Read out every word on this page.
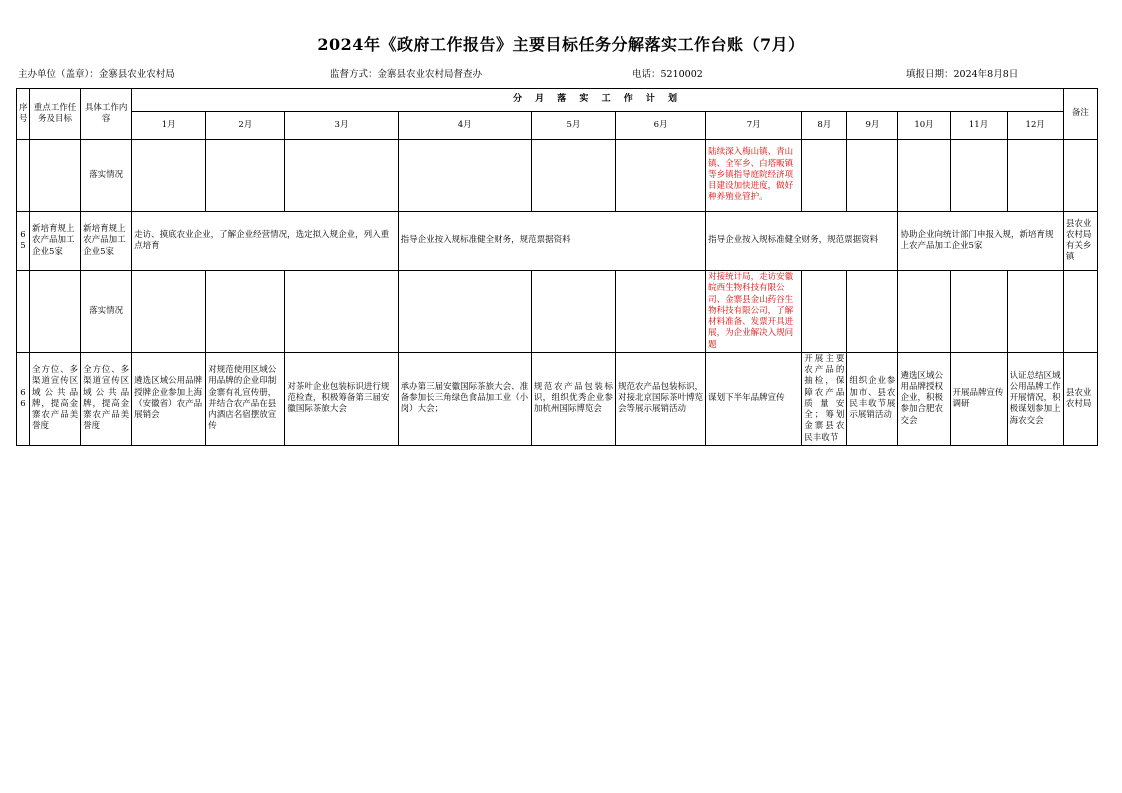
2024年《政府工作报告》主要目标任务分解落实工作台账（7月）
主办单位（盖章）：金寨县农业农村局	监督方式：金寨县农业农村局督查办	电话：5210002	填报日期：2024年8月8日
序号	重点工作任务及目标	具体工作内容	分 月 落 实 工 作 计 划												备注
			1月	2月	3月	4月	5月	6月	7月	8月	9月	10月	11月	12月	
		落实情况							陆续深入梅山镇、青山镇、全军乡、白塔畈镇等乡镇指导庭院经济项目建设加快进度，做好种养殖业管护。						
65	新培育规上农产品加工企业5家	新培育规上农产品加工企业5家	走访、摸底农业企业，了解企业经营情况，选定拟入规企业，列入重点培育			指导企业按入规标准健全财务，规范票据资料			指导企业按入规标准健全财务，规范票据资料			协助企业向统计部门申报入规，新培育规上农产品加工企业5家			县农业农村局有关乡镇
		落实情况							对接统计局，走访安徽皖西生物科技有限公司、金寨县金山药谷生物科技有限公司，了解材料准备、发票开具进展，为企业解决入规问题						
66	全方位、多渠道宣传区域公共品牌，提高金寨农产品美誉度	全方位、多渠道宣传区域公共品牌，提高金寨农产品美誉度	遴选区域公用品牌授牌企业参加上海（安徽省）农产品展销会	对规范使用区域公用品牌的企业印制金寨有礼宣传册，并结合农产品在县内酒店名宿摆放宣传	对茶叶企业包装标识进行规范检查，积极筹备第三届安徽国际茶旅大会	承办第三届安徽国际茶旅大会、准备参加长三角绿色食品加工业（小岗）大会；	规范农产品包装标识，组织优秀企业参加杭州国际博览会	规范农产品包装标识，对接北京国际茶叶博览会等展示展销活动	谋划下半年品牌宣传	开展主要农产品的抽检，保障农产品质量安全；筹划金寨县农民丰收节	组织企业参加市、县农民丰收节展示展销活动	遴选区域公用品牌授权企业，积极参加合肥农交会	开展品牌宣传调研	认证总结区域公用品牌工作开展情况，积极谋划参加上海农交会	县农业农村局
